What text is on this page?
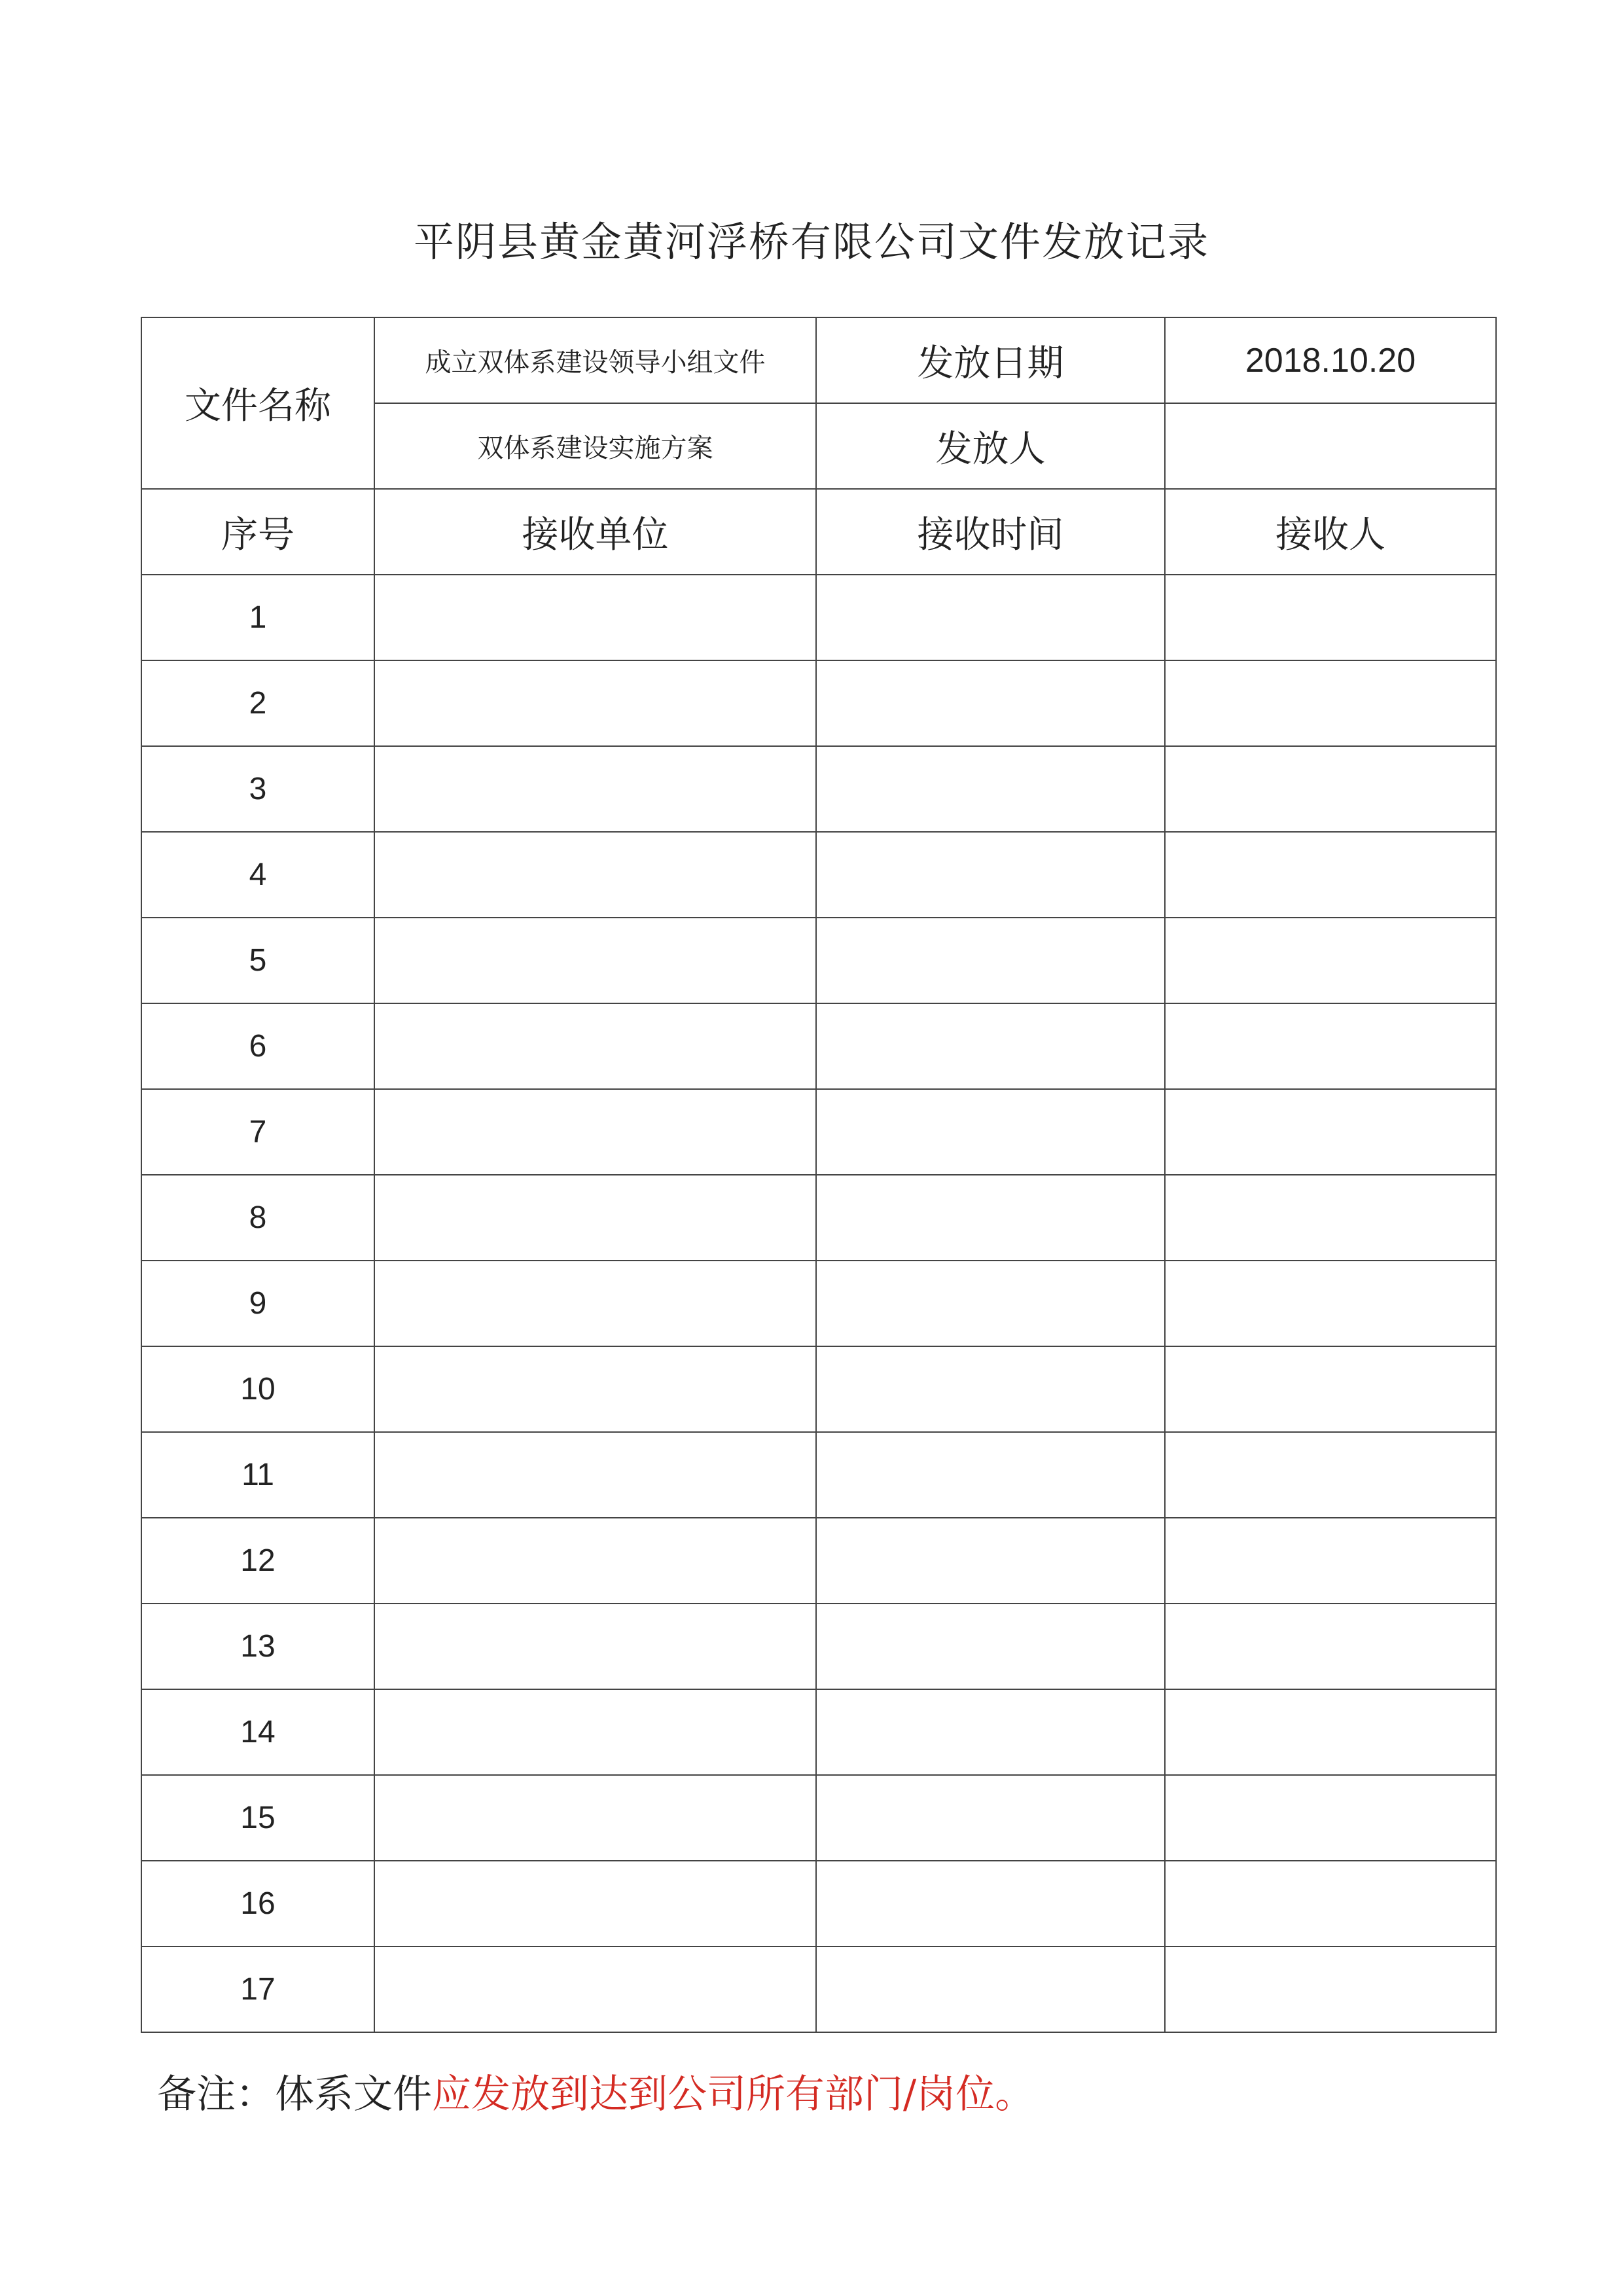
平阴县黄金黄河浮桥有限公司文件发放记录
文件名称	成立双体系建设领导小组文件	发放日期	2018.10.20
	双体系建设实施方案	发放人	
序号	接收单位	接收时间	接收人
1			
2			
3			
4			
5			
6			
7			
8			
9			
10			
11			
12			
13			
14			
15			
16			
17			
备注：体系文件应发放到达到公司所有部门/岗位。
